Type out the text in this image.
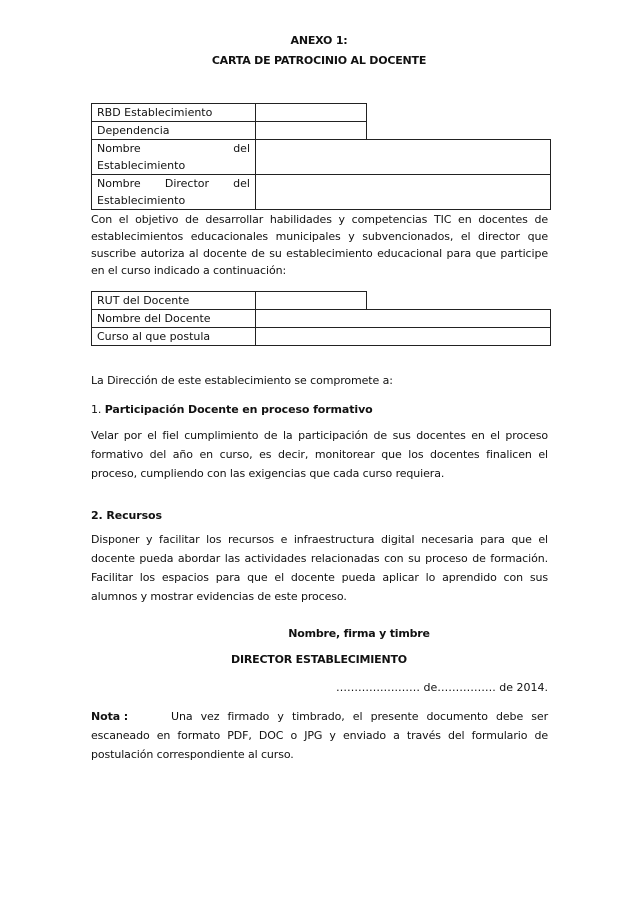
ANEXO 1:
CARTA DE PATROCINIO AL DOCENTE
RBD Establecimiento		
Dependencia		

Nombre del
Establecimiento		

Nombre Director del
Establecimiento		

Con el objetivo de desarrollar habilidades y competencias TIC en docentes de establecimientos educacionales municipales y subvencionados, el director que suscribe autoriza al docente de su establecimiento educacional para que participe en el curso indicado a continuación:
RUT del Docente		
Nombre del Docente		
Curso al que postula		
La Dirección de este establecimiento se compromete a:
1. Participación Docente en proceso formativo
Velar por el fiel cumplimiento de la participación de sus docentes en el proceso formativo del año en curso, es decir, monitorear que los docentes finalicen el proceso, cumpliendo con las exigencias que cada curso requiera.
2. Recursos
Disponer y facilitar los recursos e infraestructura digital necesaria para que el docente pueda abordar las actividades relacionadas con su proceso de formación. Facilitar los espacios para que el docente pueda aplicar lo aprendido con sus alumnos y mostrar evidencias de este proceso.
Nombre, firma y timbre
DIRECTOR ESTABLECIMIENTO
………….….…… de……………. de 2014.
Nota :	Una vez firmado y timbrado, el presente documento debe ser escaneado en formato PDF, DOC o JPG y enviado a través del formulario de postulación correspondiente al curso.
